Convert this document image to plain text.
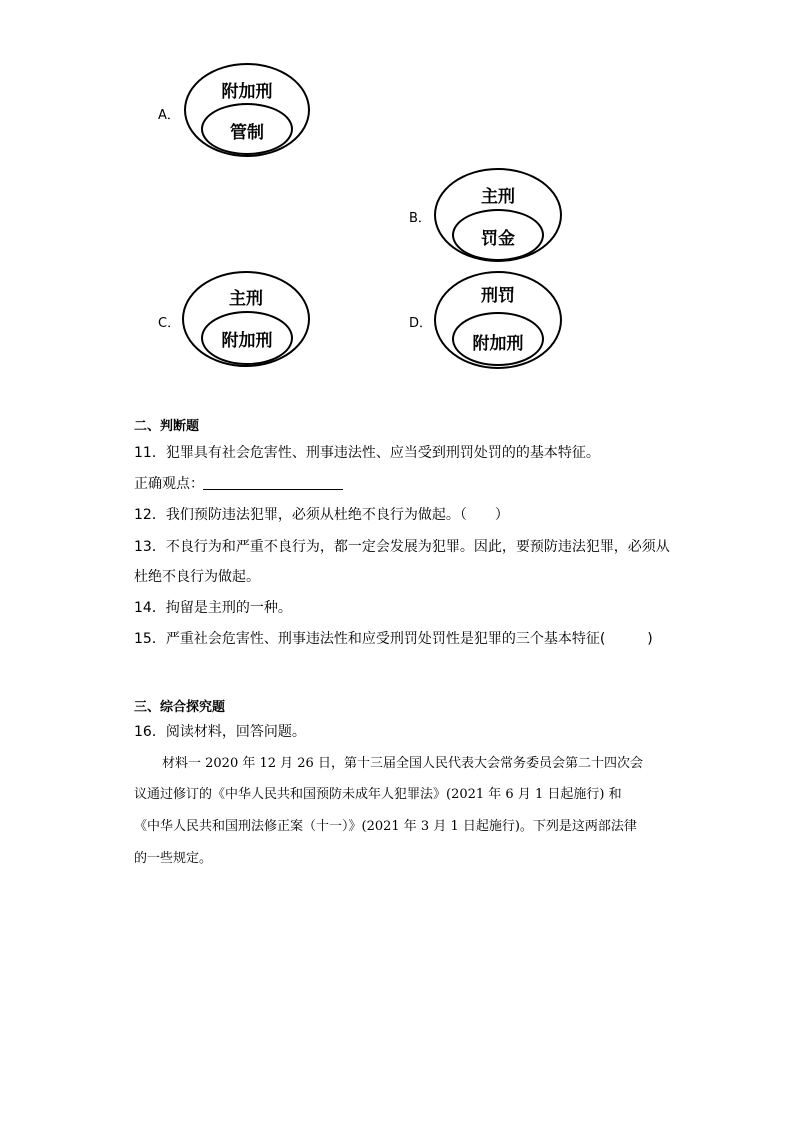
A．
附加刑
管制
B．
主刑
罚金
C．
主刑
附加刑
D．
刑罚
附加刑
二、判断题
11．犯罪具有社会危害性、刑事违法性、应当受到刑罚处罚的的基本特征。
正确观点：
12．我们预防违法犯罪，必须从杜绝不良行为做起。（　　）
13．不良行为和严重不良行为，都一定会发展为犯罪。因此，要预防违法犯罪，必须从
杜绝不良行为做起。
14．拘留是主刑的一种。
15．严重社会危害性、刑事违法性和应受刑罚处罚性是犯罪的三个基本特征(　　　)
三、综合探究题
16．阅读材料，回答问题。
材料一 2020 年 12 月 26 日，第十三届全国人民代表大会常务委员会第二十四次会
议通过修订的《中华人民共和国预防未成年人犯罪法》(2021 年 6 月 1 日起施行) 和
《中华人民共和国刑法修正案（十一）》(2021 年 3 月 1 日起施行)。下列是这两部法律
的一些规定。
